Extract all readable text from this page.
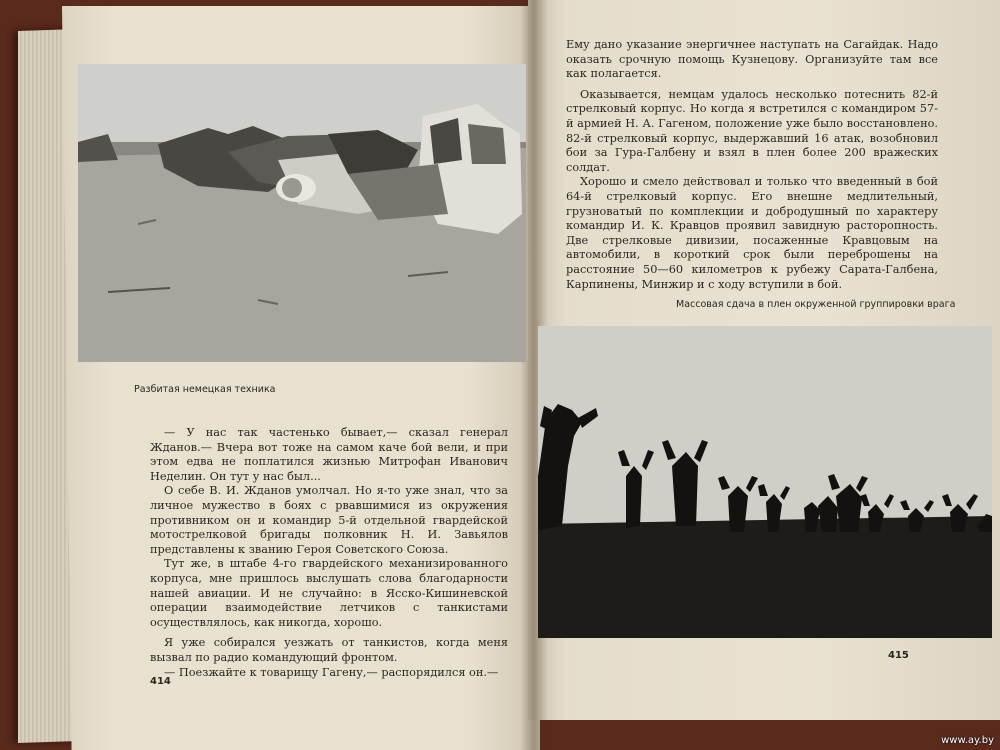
Разбитая немецкая техника

— У нас так частенько бывает,— сказал генерал Жданов.— Вчера вот тоже на самом каче бой вели, и при этом едва не поплатился жизнью Митрофан Иванович Неделин. Он тут у нас был...

О себе В. И. Жданов умолчал. Но я-то уже знал, что за личное мужество в боях с рвавшимися из окружения противником он и командир 5-й отдельной гвардейской мотострелковой бригады полковник Н. И. Завьялов представлены к званию Героя Советского Союза.

Тут же, в штабе 4-го гвардейского механизированного корпуса, мне пришлось выслушать слова благодарности нашей авиации. И не случайно: в Ясско-Кишиневской операции взаимодействие летчиков с танкистами осуществлялось, как никогда, хорошо.

Я уже собирался уезжать от танкистов, когда меня вызвал по радио командующий фронтом.

— Поезжайте к товарищу Гагену,— распорядился он.—

414

Ему дано указание энергичнее наступать на Сагайдак. Надо оказать срочную помощь Кузнецову. Организуйте там все как полагается.

Оказывается, немцам удалось несколько потеснить 82-й стрелковый корпус. Но когда я встретился с командиром 57-й армией Н. А. Гагеном, положение уже было восстановлено. 82-й стрелковый корпус, выдержавший 16 атак, возобновил бои за Гура-Галбену и взял в плен более 200 вражеских солдат.

Хорошо и смело действовал и только что введенный в бой 64-й стрелковый корпус. Его внешне медлительный, грузноватый по комплекции и добродушный по характеру командир И. К. Кравцов проявил завидную расторопность. Две стрелковые дивизии, посаженные Кравцовым на автомобили, в короткий срок были переброшены на расстояние 50—60 километров к рубежу Сарата-Галбена, Карпинены, Минжир и с ходу вступили в бой.

Массовая сдача в плен окруженной группировки врага
415
www.ay.by
